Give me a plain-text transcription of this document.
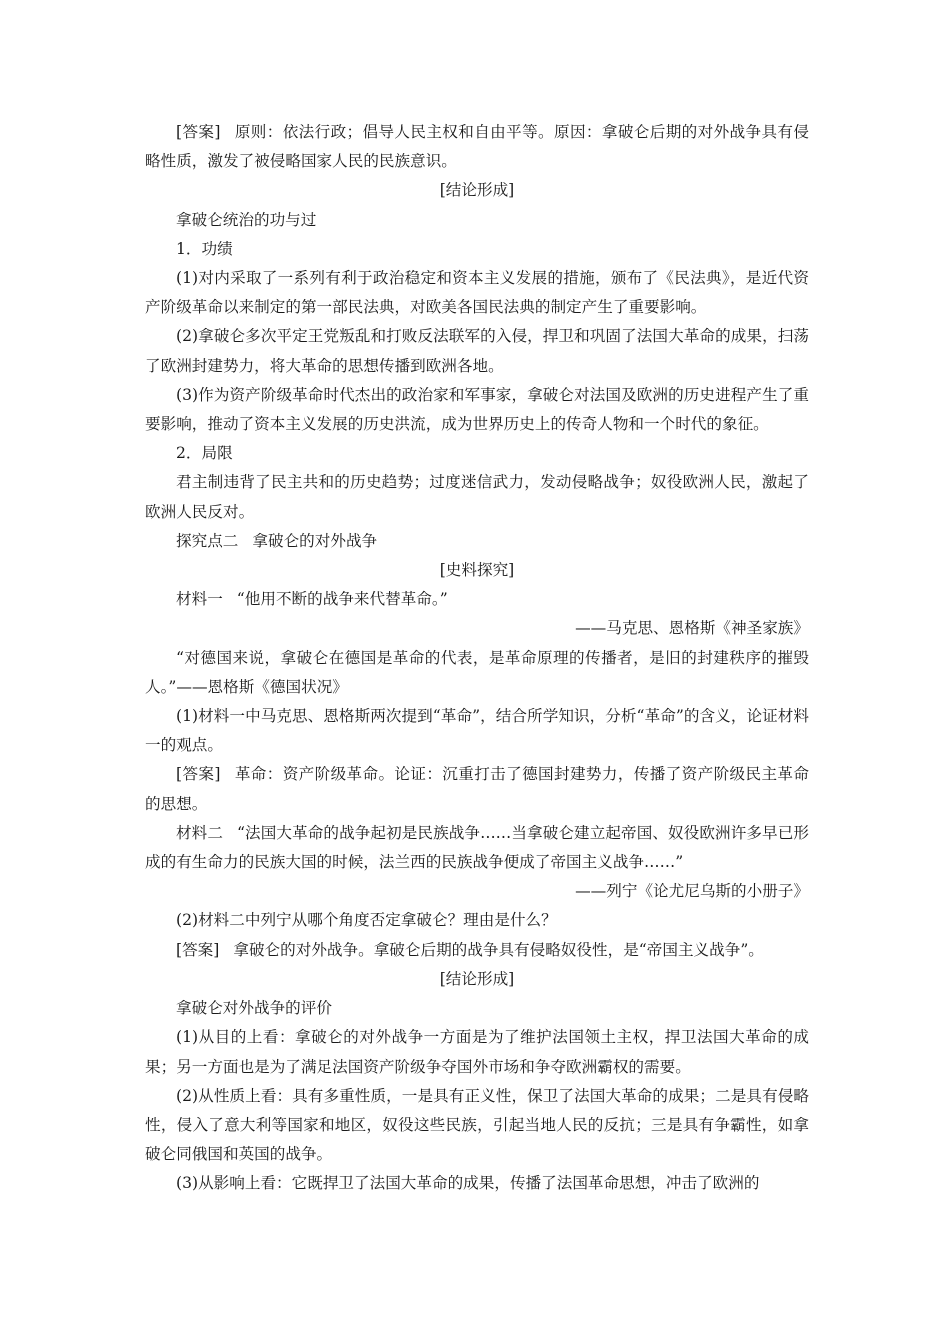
[答案] 原则：依法行政；倡导人民主权和自由平等。原因：拿破仑后期的对外战争具有侵略性质，激发了被侵略国家人民的民族意识。

[结论形成]

拿破仑统治的功与过

1．功绩

(1)对内采取了一系列有利于政治稳定和资本主义发展的措施，颁布了《民法典》，是近代资产阶级革命以来制定的第一部民法典，对欧美各国民法典的制定产生了重要影响。

(2)拿破仑多次平定王党叛乱和打败反法联军的入侵，捍卫和巩固了法国大革命的成果，扫荡了欧洲封建势力，将大革命的思想传播到欧洲各地。

(3)作为资产阶级革命时代杰出的政治家和军事家，拿破仑对法国及欧洲的历史进程产生了重要影响，推动了资本主义发展的历史洪流，成为世界历史上的传奇人物和一个时代的象征。

2．局限

君主制违背了民主共和的历史趋势；过度迷信武力，发动侵略战争；奴役欧洲人民，激起了欧洲人民反对。

探究点二 拿破仑的对外战争

[史料探究]

材料一 “他用不断的战争来代替革命。”

——马克思、恩格斯《神圣家族》

“对德国来说，拿破仑在德国是革命的代表，是革命原理的传播者，是旧的封建秩序的摧毁人。”——恩格斯《德国状况》

(1)材料一中马克思、恩格斯两次提到“革命”，结合所学知识，分析“革命”的含义，论证材料一的观点。

[答案] 革命：资产阶级革命。论证：沉重打击了德国封建势力，传播了资产阶级民主革命的思想。

材料二 “法国大革命的战争起初是民族战争……当拿破仑建立起帝国、奴役欧洲许多早已形成的有生命力的民族大国的时候，法兰西的民族战争便成了帝国主义战争……”

——列宁《论尤尼乌斯的小册子》

(2)材料二中列宁从哪个角度否定拿破仑？理由是什么？

[答案] 拿破仑的对外战争。拿破仑后期的战争具有侵略奴役性，是“帝国主义战争”。

[结论形成]

拿破仑对外战争的评价

(1)从目的上看：拿破仑的对外战争一方面是为了维护法国领土主权，捍卫法国大革命的成果；另一方面也是为了满足法国资产阶级争夺国外市场和争夺欧洲霸权的需要。

(2)从性质上看：具有多重性质，一是具有正义性，保卫了法国大革命的成果；二是具有侵略性，侵入了意大利等国家和地区，奴役这些民族，引起当地人民的反抗；三是具有争霸性，如拿破仑同俄国和英国的战争。

(3)从影响上看：它既捍卫了法国大革命的成果，传播了法国革命思想，冲击了欧洲的
